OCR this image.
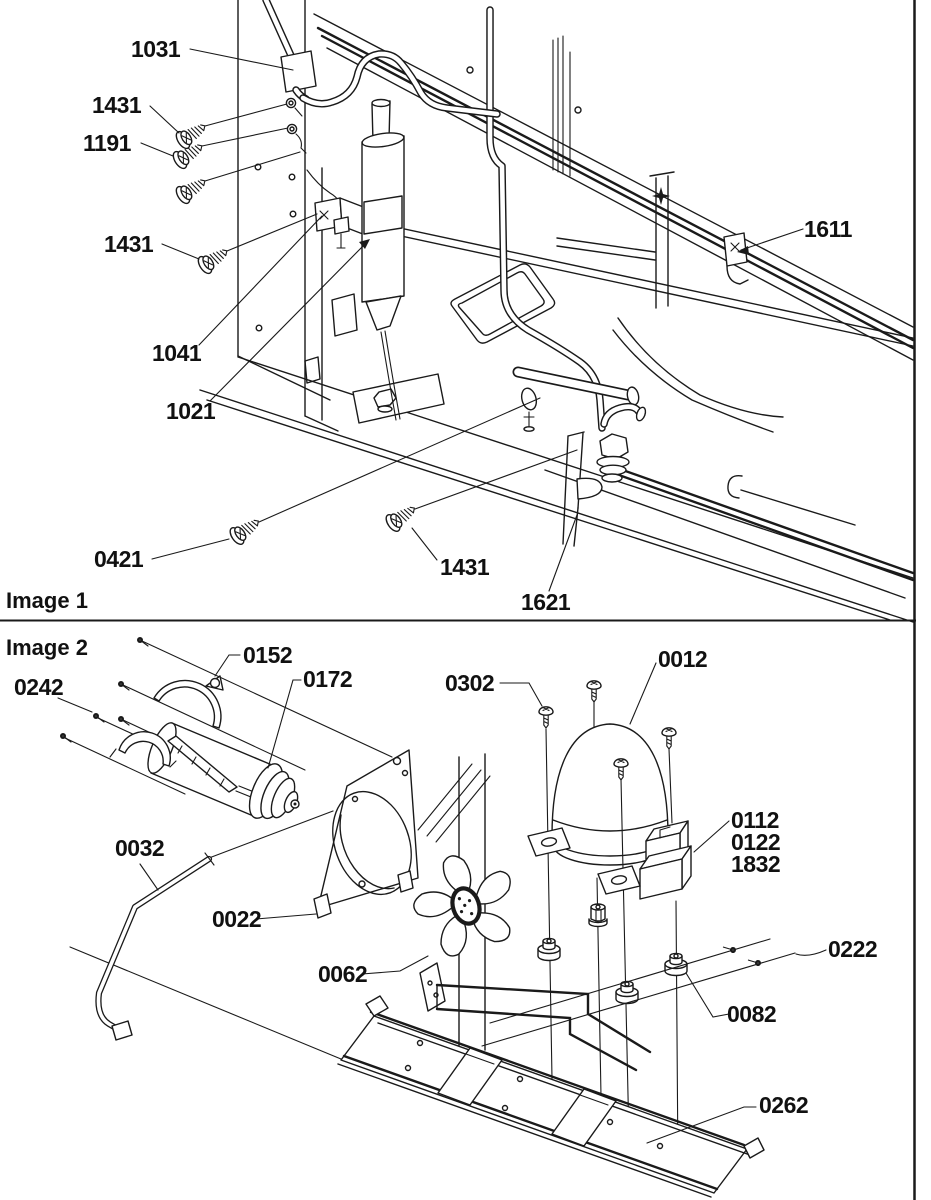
1031
1431
1191
1431
1041
1021
0421	1431
1621
1611
Image 1
0152
0242	0172	0302
0012
0112
0122
1832
0032
0022
0062
0222
0082
0262
Image 2
